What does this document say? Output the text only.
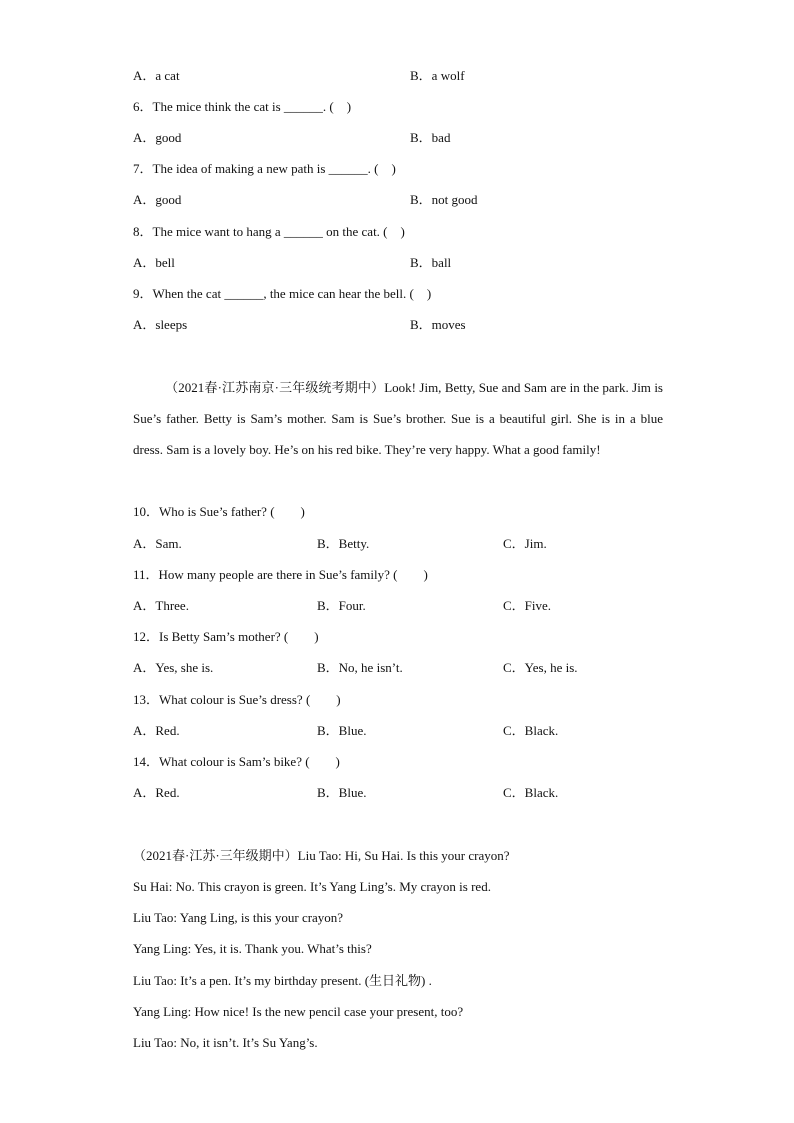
A．a cat	B．a wolf
6．The mice think the cat is ______. (　)
A．good	B．bad
7．The idea of making a new path is ______. (　)
A．good	B．not good
8．The mice want to hang a ______ on the cat. (　)
A．bell	B．ball
9．When the cat ______, the mice can hear the bell. (　)
A．sleeps	B．moves
（2021春·江苏南京·三年级统考期中）Look! Jim, Betty, Sue and Sam are in the park. Jim is Sue’s father. Betty is Sam’s mother. Sam is Sue’s brother. Sue is a beautiful girl. She is in a blue dress. Sam is a lovely boy. He’s on his red bike. They’re very happy. What a good family!
10．Who is Sue’s father? (　　)
A．Sam.	B．Betty.	C．Jim.
11．How many people are there in Sue’s family? (　　)
A．Three.	B．Four.	C．Five.
12．Is Betty Sam’s mother? (　　)
A．Yes, she is.	B．No, he isn’t.	C．Yes, he is.
13．What colour is Sue’s dress? (　　)
A．Red.	B．Blue.	C．Black.
14．What colour is Sam’s bike? (　　)
A．Red.	B．Blue.	C．Black.
（2021春·江苏·三年级期中）Liu Tao: Hi, Su Hai. Is this your crayon?
Su Hai: No. This crayon is green. It’s Yang Ling’s. My crayon is red.
Liu Tao: Yang Ling, is this your crayon?
Yang Ling: Yes, it is. Thank you. What’s this?
Liu Tao: It’s a pen. It’s my birthday present. (生日礼物) .
Yang Ling: How nice! Is the new pencil case your present, too?
Liu Tao: No, it isn’t. It’s Su Yang’s.
